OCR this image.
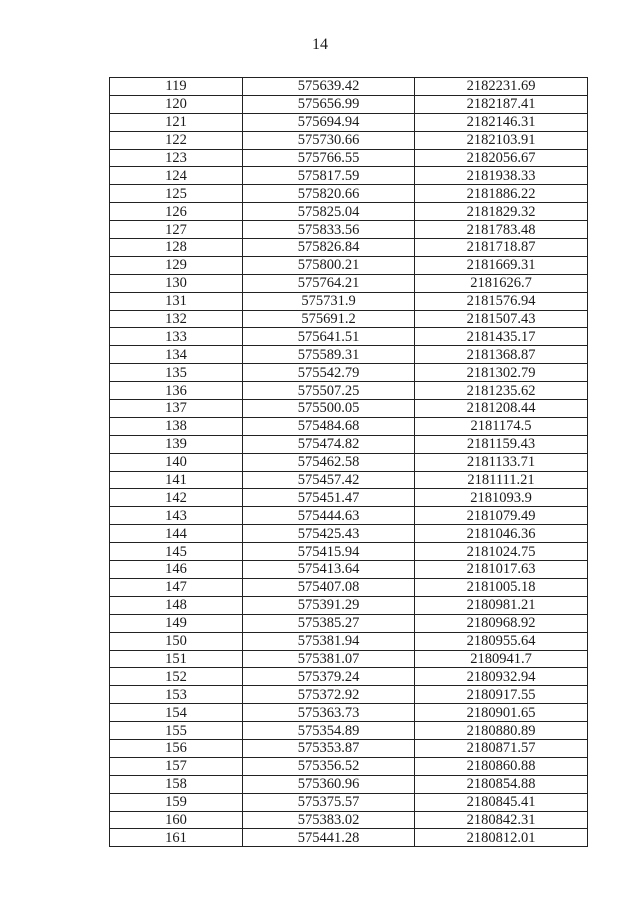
14
119	575639.42	2182231.69
120	575656.99	2182187.41
121	575694.94	2182146.31
122	575730.66	2182103.91
123	575766.55	2182056.67
124	575817.59	2181938.33
125	575820.66	2181886.22
126	575825.04	2181829.32
127	575833.56	2181783.48
128	575826.84	2181718.87
129	575800.21	2181669.31
130	575764.21	2181626.7
131	575731.9	2181576.94
132	575691.2	2181507.43
133	575641.51	2181435.17
134	575589.31	2181368.87
135	575542.79	2181302.79
136	575507.25	2181235.62
137	575500.05	2181208.44
138	575484.68	2181174.5
139	575474.82	2181159.43
140	575462.58	2181133.71
141	575457.42	2181111.21
142	575451.47	2181093.9
143	575444.63	2181079.49
144	575425.43	2181046.36
145	575415.94	2181024.75
146	575413.64	2181017.63
147	575407.08	2181005.18
148	575391.29	2180981.21
149	575385.27	2180968.92
150	575381.94	2180955.64
151	575381.07	2180941.7
152	575379.24	2180932.94
153	575372.92	2180917.55
154	575363.73	2180901.65
155	575354.89	2180880.89
156	575353.87	2180871.57
157	575356.52	2180860.88
158	575360.96	2180854.88
159	575375.57	2180845.41
160	575383.02	2180842.31
161	575441.28	2180812.01
